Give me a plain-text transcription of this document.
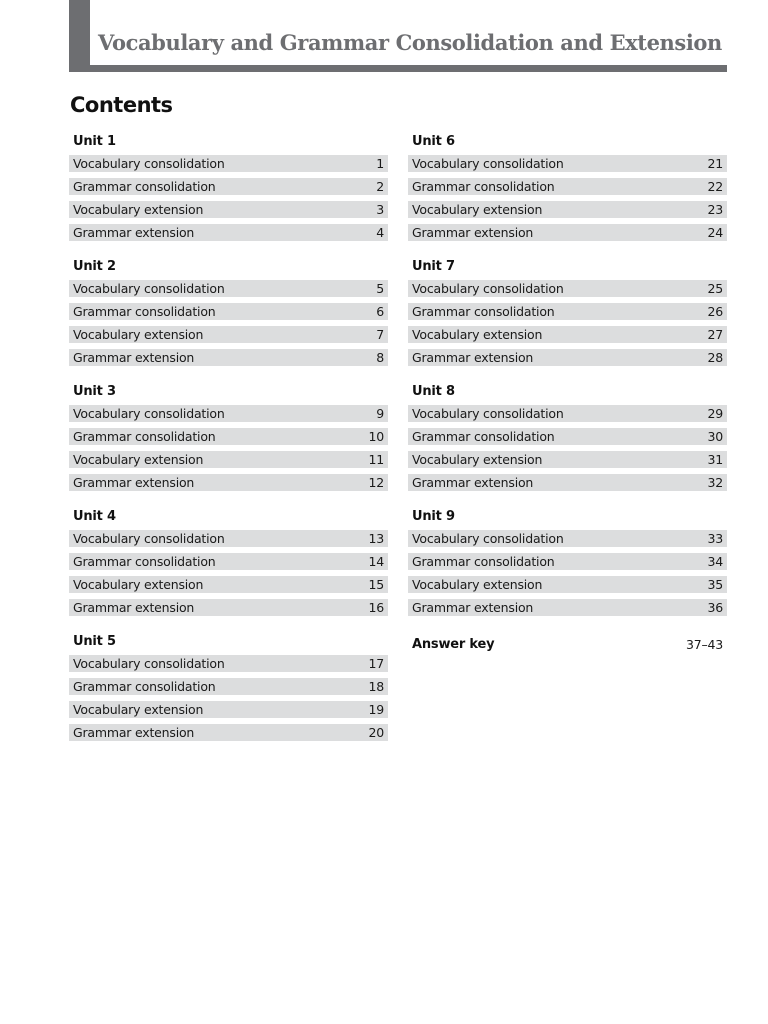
Vocabulary and Grammar Consolidation and Extension
Contents
Unit 1
Vocabulary consolidation	1
Grammar consolidation	2
Vocabulary extension	3
Grammar extension	4
Unit 2
Vocabulary consolidation	5
Grammar consolidation	6
Vocabulary extension	7
Grammar extension	8
Unit 3
Vocabulary consolidation	9
Grammar consolidation	10
Vocabulary extension	11
Grammar extension	12
Unit 4
Vocabulary consolidation	13
Grammar consolidation	14
Vocabulary extension	15
Grammar extension	16
Unit 5
Vocabulary consolidation	17
Grammar consolidation	18
Vocabulary extension	19
Grammar extension	20
Unit 6
Vocabulary consolidation	21
Grammar consolidation	22
Vocabulary extension	23
Grammar extension	24
Unit 7
Vocabulary consolidation	25
Grammar consolidation	26
Vocabulary extension	27
Grammar extension	28
Unit 8
Vocabulary consolidation	29
Grammar consolidation	30
Vocabulary extension	31
Grammar extension	32
Unit 9
Vocabulary consolidation	33
Grammar consolidation	34
Vocabulary extension	35
Grammar extension	36
Answer key	37–43
